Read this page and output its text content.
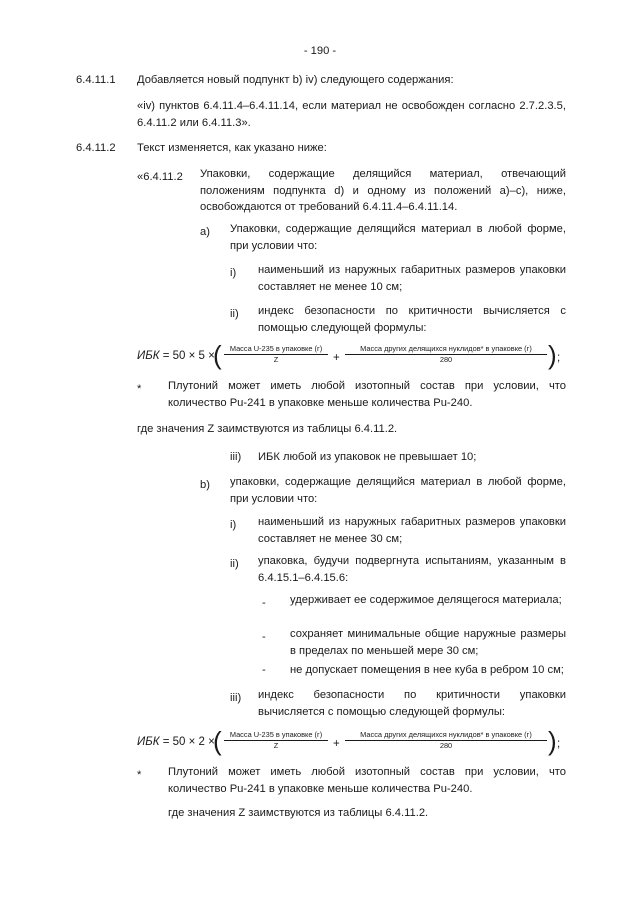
- 190 -
6.4.11.1 Добавляется новый подпункт b) iv) следующего содержания:
«iv) пунктов 6.4.11.4–6.4.11.14, если материал не освобожден согласно 2.7.2.3.5, 6.4.11.2 или 6.4.11.3».
6.4.11.2 Текст изменяется, как указано ниже:
«6.4.11.2 Упаковки, содержащие делящийся материал, отвечающий положениям подпункта d) и одному из положений a)–c), ниже, освобождаются от требований 6.4.11.4–6.4.11.14.
a) Упаковки, содержащие делящийся материал в любой форме, при условии что:
i) наименьший из наружных габаритных размеров упаковки составляет не менее 10 см;
ii) индекс безопасности по критичности вычисляется с помощью следующей формулы:
ИБК = 50 × 5 ×
( Масса U-235 в упаковке (г)
Z	+
Масса других делящихся нуклидов* в упаковке (г)
280	) ;
* Плутоний может иметь любой изотопный состав при условии, что количество Pu-241 в упаковке меньше количества Pu-240.
где значения Z заимствуются из таблицы 6.4.11.2.
iii) ИБК любой из упаковок не превышает 10;
b) упаковки, содержащие делящийся материал в любой форме, при условии что:
i) наименьший из наружных габаритных размеров упаковки составляет не менее 30 см;
ii) упаковка, будучи подвергнута испытаниям, указанным в 6.4.15.1–6.4.15.6:
- удерживает ее содержимое делящегося материала;
- сохраняет минимальные общие наружные размеры в пределах по меньшей мере 30 см;
- не допускает помещения в нее куба в ребром 10 см;
iii) индекс безопасности по критичности упаковки вычисляется с помощью следующей формулы:
ИБК = 50 × 2 ×
( Масса U-235 в упаковке (г)
Z	+
Масса других делящихся нуклидов* в упаковке (г)
280	) ;
* Плутоний может иметь любой изотопный состав при условии, что количество Pu-241 в упаковке меньше количества Pu-240.
где значения Z заимствуются из таблицы 6.4.11.2.
